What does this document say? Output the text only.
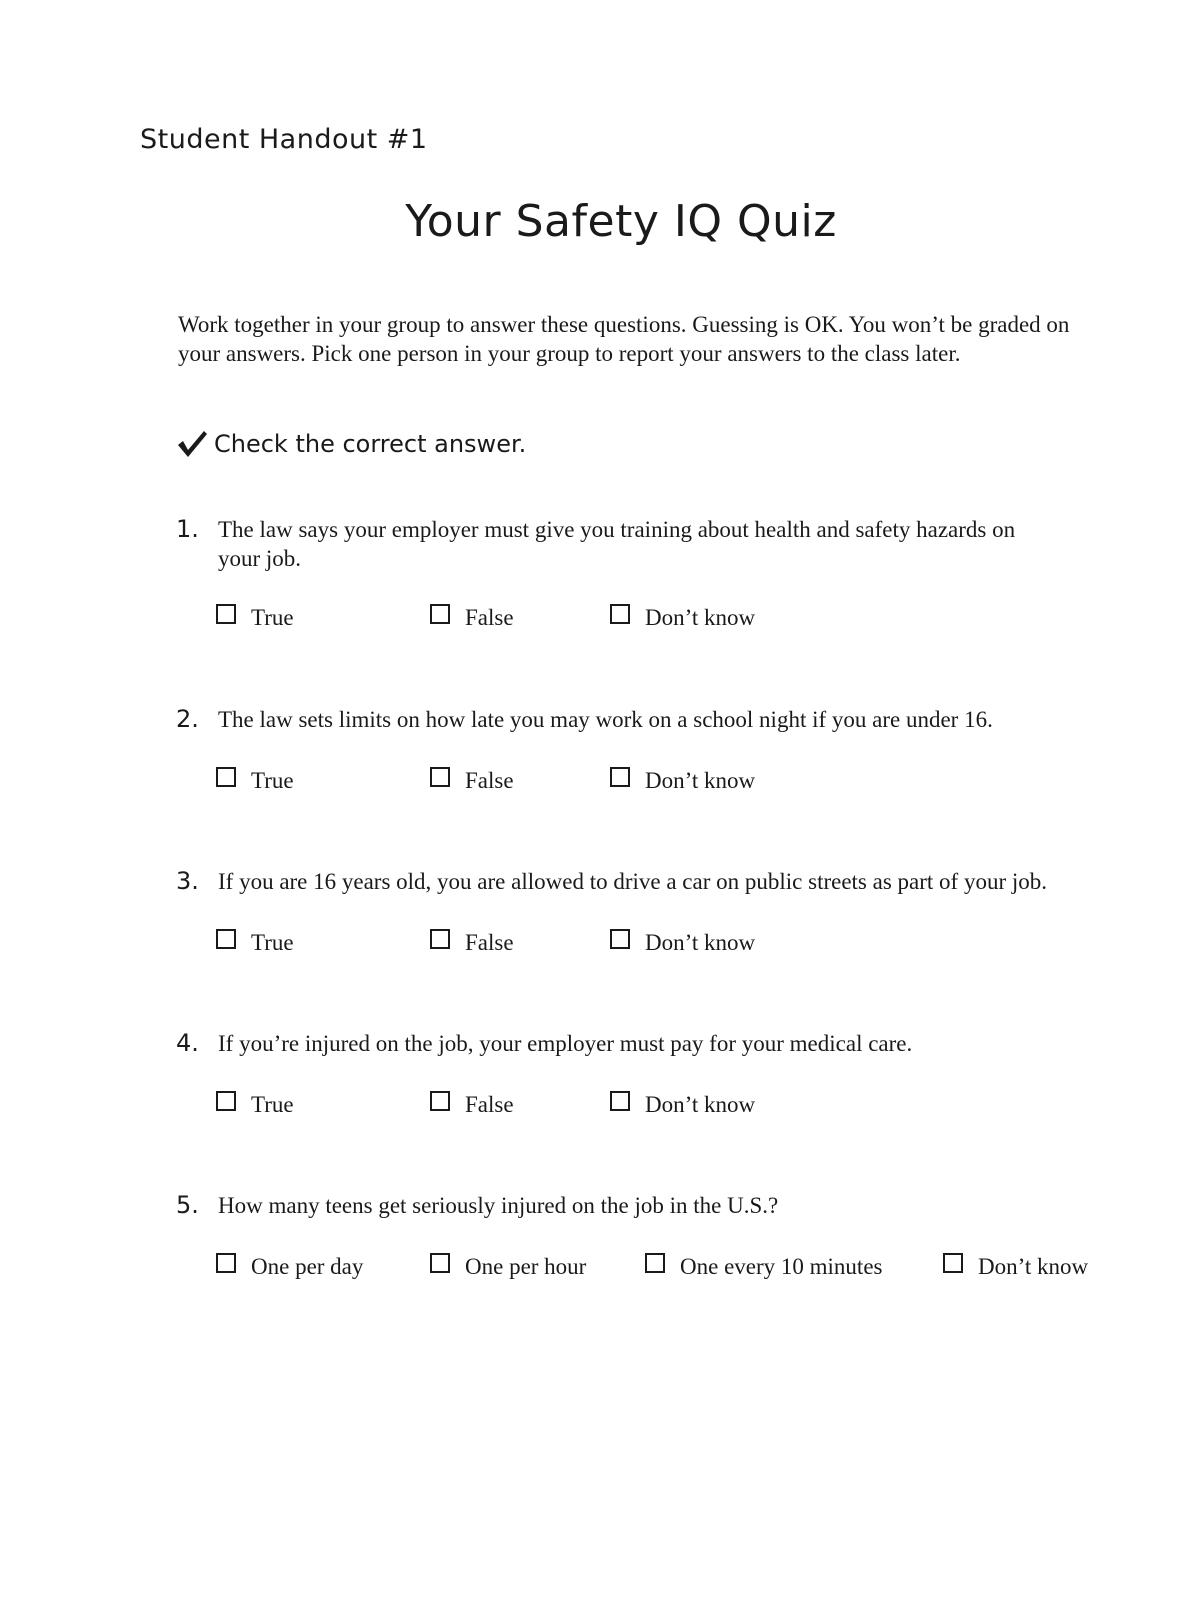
Student Handout #1
Your Safety IQ Quiz

Work together in your group to answer these questions. Guessing is OK. You won’t be graded on your answers. Pick one person in your group to report your answers to the class later.

Check the correct answer.
1. The law says your employer must give you training about health and safety hazards on your job.

True	False	Don’t know
2. The law sets limits on how late you may work on a school night if you are under 16.

True	False	Don’t know
3. If you are 16 years old, you are allowed to drive a car on public streets as part of your job.

True	False	Don’t know
4. If you’re injured on the job, your employer must pay for your medical care.

True	False	Don’t know
5. How many teens get seriously injured on the job in the U.S.?

One per day	One per hour	One every 10 minutes	Don’t know
